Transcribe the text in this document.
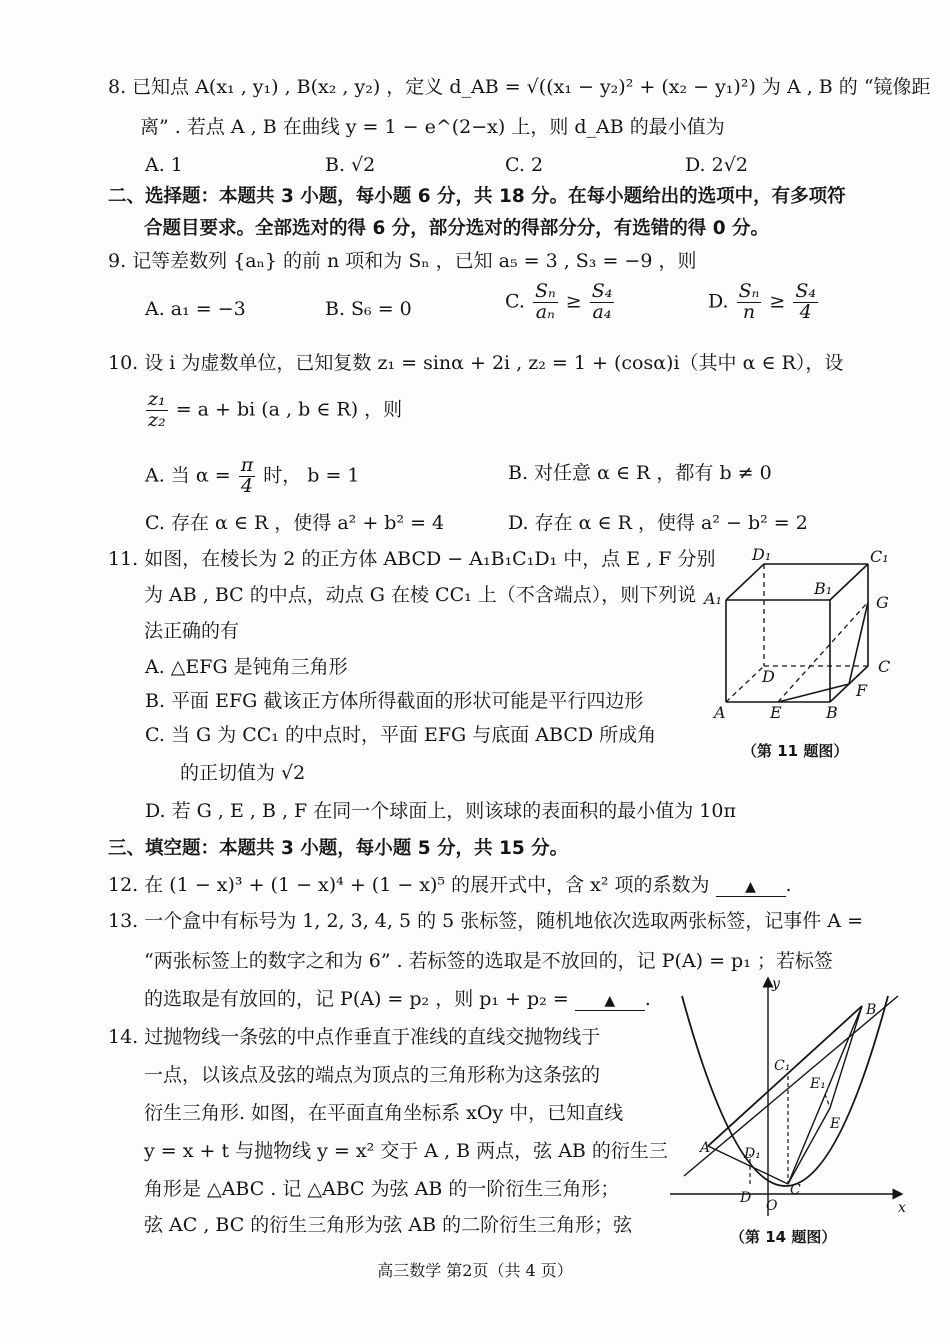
8. 已知点 A(x₁ , y₁) , B(x₂ , y₂) ，定义 d_AB = √((x₁ − y₂)² + (x₂ − y₁)²) 为 A , B 的 “镜像距
离” . 若点 A , B 在曲线 y = 1 − e^(2−x) 上，则 d_AB 的最小值为
A. 1	B. √2	C. 2	D. 2√2
二、选择题：本题共 3 小题，每小题 6 分，共 18 分。在每小题给出的选项中，有多项符
合题目要求。全部选对的得 6 分，部分选对的得部分分，有选错的得 0 分。
9. 记等差数列 {aₙ} 的前 n 项和为 Sₙ ，已知 a₅ = 3 , S₃ = −9 ，则
A. a₁ = −3	B. S₆ = 0	C. $\frac{\text{Sₙ}}{\text{aₙ}} \ge \frac{\text{S₄}}{\text{a₄}}$	D. $\frac{\text{Sₙ}}{n} \ge \frac{\text{S₄}}{4}$
10. 设 i 为虚数单位，已知复数 z₁ = sinα + 2i , z₂ = 1 + (cosα)i（其中 α ∈ R），设
$\frac{\text{z₁}}{\text{z₂}} = a$ + bi (a , b ∈ R) ，则
A. 当 $\alpha = \frac{\pi}{4}$ 时， b = 1	B. 对任意 α ∈ R ，都有 b ≠ 0
C. 存在 α ∈ R ，使得 a² + b² = 4	D. 存在 α ∈ R ，使得 a² − b² = 2
11. 如图，在棱长为 2 的正方体 ABCD − A₁B₁C₁D₁ 中，点 E , F 分别
为 AB , BC 的中点，动点 G 在棱 CC₁ 上（不含端点），则下列说
法正确的有
A. △EFG 是钝角三角形
B. 平面 EFG 截该正方体所得截面的形状可能是平行四边形
C. 当 G 为 CC₁ 的中点时，平面 EFG 与底面 ABCD 所成角
的正切值为 √2
D. 若 G , E , B , F 在同一个球面上，则该球的表面积的最小值为 10π
D₁	C₁
A₁
B₁
G
C
D
F
A	E	B
（第 11 题图）
三、填空题：本题共 3 小题，每小题 5 分，共 15 分。
12. 在 (1 − x)³ + (1 − x)⁴ + (1 − x)⁵ 的展开式中，含 x² 项的系数为	▲ .
13. 一个盒中有标号为 1, 2, 3, 4, 5 的 5 张标签，随机地依次选取两张标签，记事件 A =
“两张标签上的数字之和为 6” . 若标签的选取是不放回的，记 P(A) = p₁ ；若标签
的选取是有放回的，记 P(A) = p₂ ，则 p₁ + p₂ =	▲ .
14. 过抛物线一条弦的中点作垂直于准线的直线交抛物线于
一点，以该点及弦的端点为顶点的三角形称为这条弦的
衍生三角形. 如图，在平面直角坐标系 xOy 中，已知直线
y = x + t 与抛物线 y = x² 交于 A , B 两点，弦 AB 的衍生三
角形是 △ABC . 记 △ABC 为弦 AB 的一阶衍生三角形；
弦 AC , BC 的衍生三角形为弦 AB 的二阶衍生三角形；弦
y
x
O
A
B
C
C₁
D
D₁
E
E₁
（第 14 题图）
高三数学 第2页（共 4 页）
